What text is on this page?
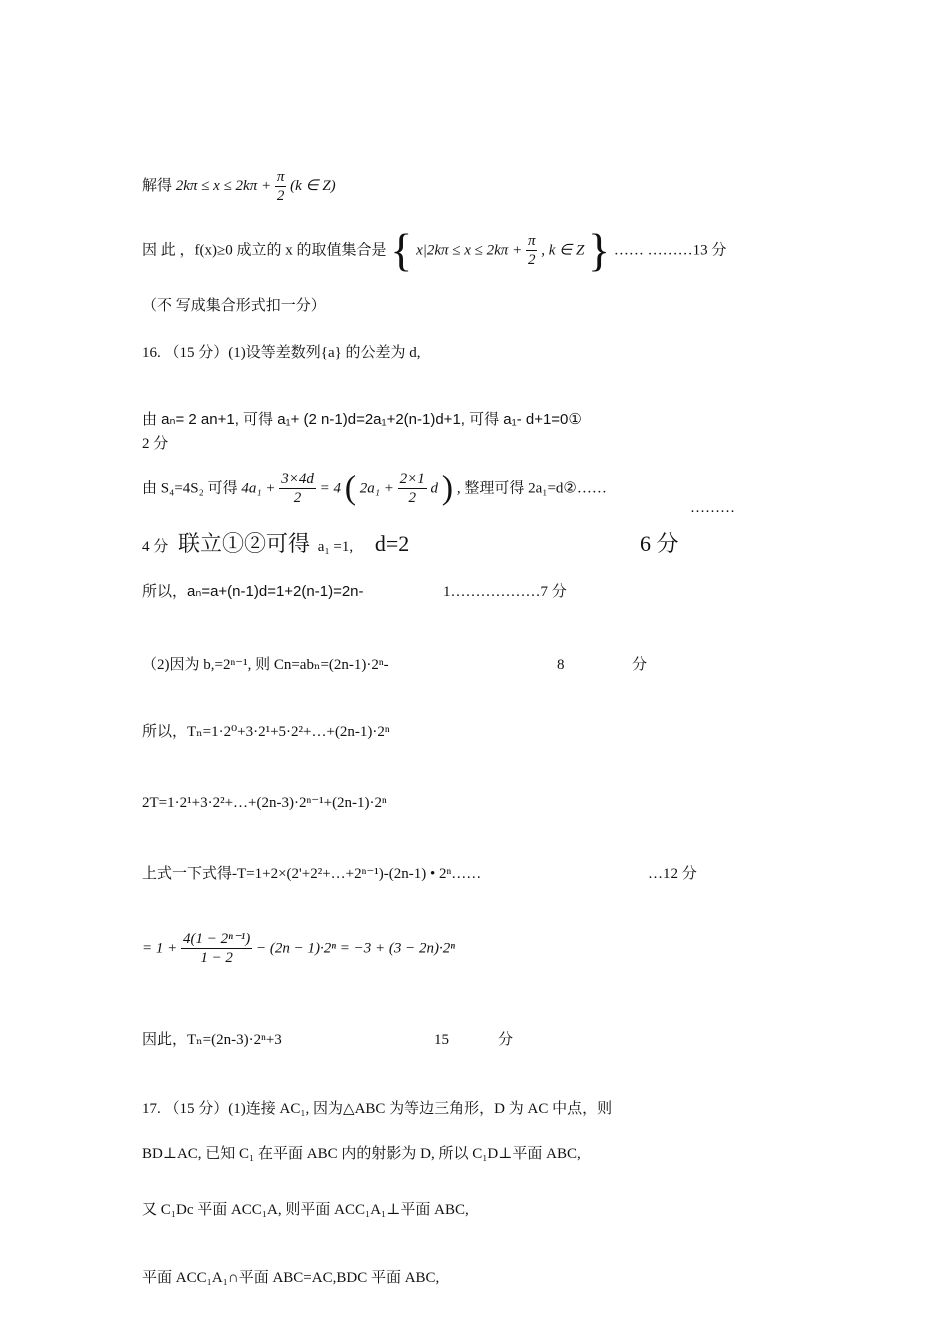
解得 $2k\pi \le x \le 2k\pi + \frac{\pi}{2} (k$ ∈ Z)
因 此 ，f(x)≥0 成立的 x 的取值集合是 { $x|2k\pi \le x \le 2k\pi + \frac{\pi}{2}$ , k ∈ Z } …… ………13 分
（不 写成集合形式扣一分）
16. （15 分）(1)设等差数列{a} 的公差为 d,
由 aₙ= 2 an+1, 可得 a₁+ (2 n-1)d=2a₁+2(n-1)d+1, 可得 a₁- d+1=0①
2 分
由 S₄=4S₂ 可得 $4a_1 + \frac{3\times 4d}{2} = 4$ ( $2a_1 + \frac{2\times 1}{2}$ d ) , 整理可得 2a₁=d②……
………
4 分 联立①②可得 a₁ =1, d=2	6 分
所以，aₙ=a+(n-1)d=1+2(n-1)=2n-	1………………7 分
（2)因为 b,=2ⁿ⁻¹, 则 Cn=abₙ=(2n-1)·2ⁿ-	8	分
所以，Tₙ=1·2⁰+3·2¹+5·2²+…+(2n-1)·2ⁿ
2T=1·2¹+3·2²+…+(2n-3)·2ⁿ⁻¹+(2n-1)·2ⁿ
上式一下式得-T=1+2×(2'+2²+…+2ⁿ⁻¹)-(2n-1) • 2ⁿ……	…12 分
= $1 + \frac{\text{4(1 − 2ⁿ⁻¹)}}{1 - 2} - (2n - 1)\cdot 2^n = -3 + (3 - 2n)\cdot 2^n$
因此，Tₙ=(2n-3)·2ⁿ+3	15	分
17. （15 分）(1)连接 AC₁, 因为△ABC 为等边三角形，D 为 AC 中点，则
BD⊥AC, 已知 C₁ 在平面 ABC 内的射影为 D, 所以 C₁D⊥平面 ABC,
又 C₁Dc 平面 ACC₁A, 则平面 ACC₁A₁⊥平面 ABC,
平面 ACC₁A₁∩平面 ABC=AC,BDC 平面 ABC,
